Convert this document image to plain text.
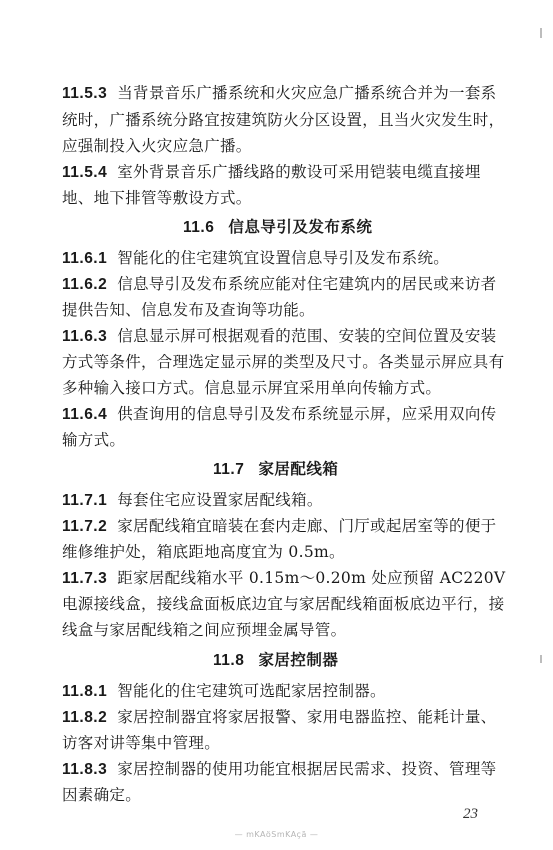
11.5.3 当背景音乐广播系统和火灾应急广播系统合并为一套系
统时，广播系统分路宜按建筑防火分区设置，且当火灾发生时，
应强制投入火灾应急广播。
11.5.4 室外背景音乐广播线路的敷设可采用铠装电缆直接埋
地、地下排管等敷设方式。
11.6 信息导引及发布系统
11.6.1 智能化的住宅建筑宜设置信息导引及发布系统。
11.6.2 信息导引及发布系统应能对住宅建筑内的居民或来访者
提供告知、信息发布及查询等功能。
11.6.3 信息显示屏可根据观看的范围、安装的空间位置及安装
方式等条件，合理选定显示屏的类型及尺寸。各类显示屏应具有
多种输入接口方式。信息显示屏宜采用单向传输方式。
11.6.4 供查询用的信息导引及发布系统显示屏，应采用双向传
输方式。
11.7 家居配线箱
11.7.1 每套住宅应设置家居配线箱。
11.7.2 家居配线箱宜暗装在套内走廊、门厅或起居室等的便于
维修维护处，箱底距地高度宜为 0.5m。
11.7.3 距家居配线箱水平 0.15m～0.20m 处应预留 AC220V
电源接线盒，接线盒面板底边宜与家居配线箱面板底边平行，接
线盒与家居配线箱之间应预埋金属导管。
11.8 家居控制器
11.8.1 智能化的住宅建筑可选配家居控制器。
11.8.2 家居控制器宜将家居报警、家用电器监控、能耗计量、
访客对讲等集中管理。
11.8.3 家居控制器的使用功能宜根据居民需求、投资、管理等
因素确定。
23
— mKAöSmKAçã —
